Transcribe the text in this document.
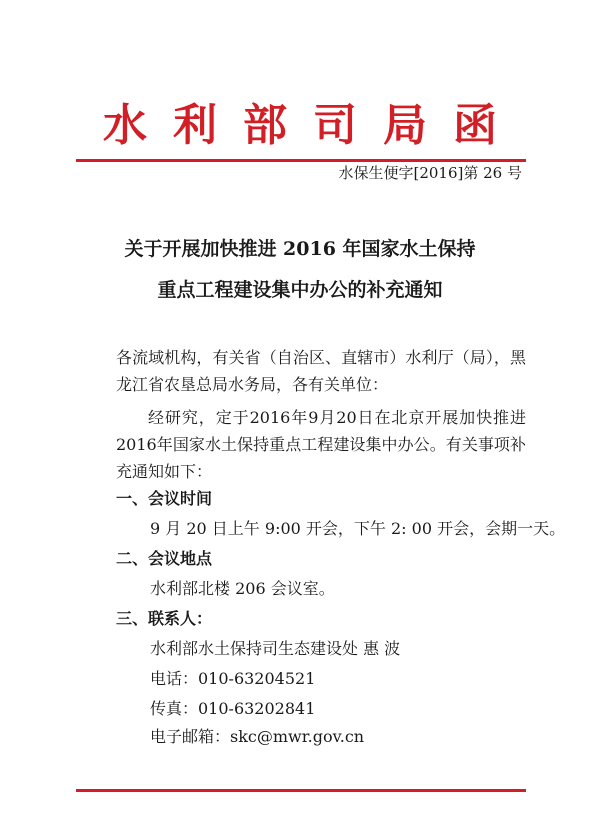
水利部司局函
水保生便字[2016]第 26 号
关于开展加快推进 2016 年国家水土保持
重点工程建设集中办公的补充通知
各流域机构，有关省（自治区、直辖市）水利厅（局），黑龙江省农垦总局水务局，各有关单位：
经研究，定于2016年9月20日在北京开展加快推进2016年国家水土保持重点工程建设集中办公。有关事项补充通知如下：
一、会议时间
9 月 20 日上午 9:00 开会，下午 2: 00 开会，会期一天。
二、会议地点
水利部北楼 206 会议室。
三、联系人：
水利部水土保持司生态建设处 惠 波
电话：010-63204521
传真：010-63202841
电子邮箱：skc@mwr.gov.cn
